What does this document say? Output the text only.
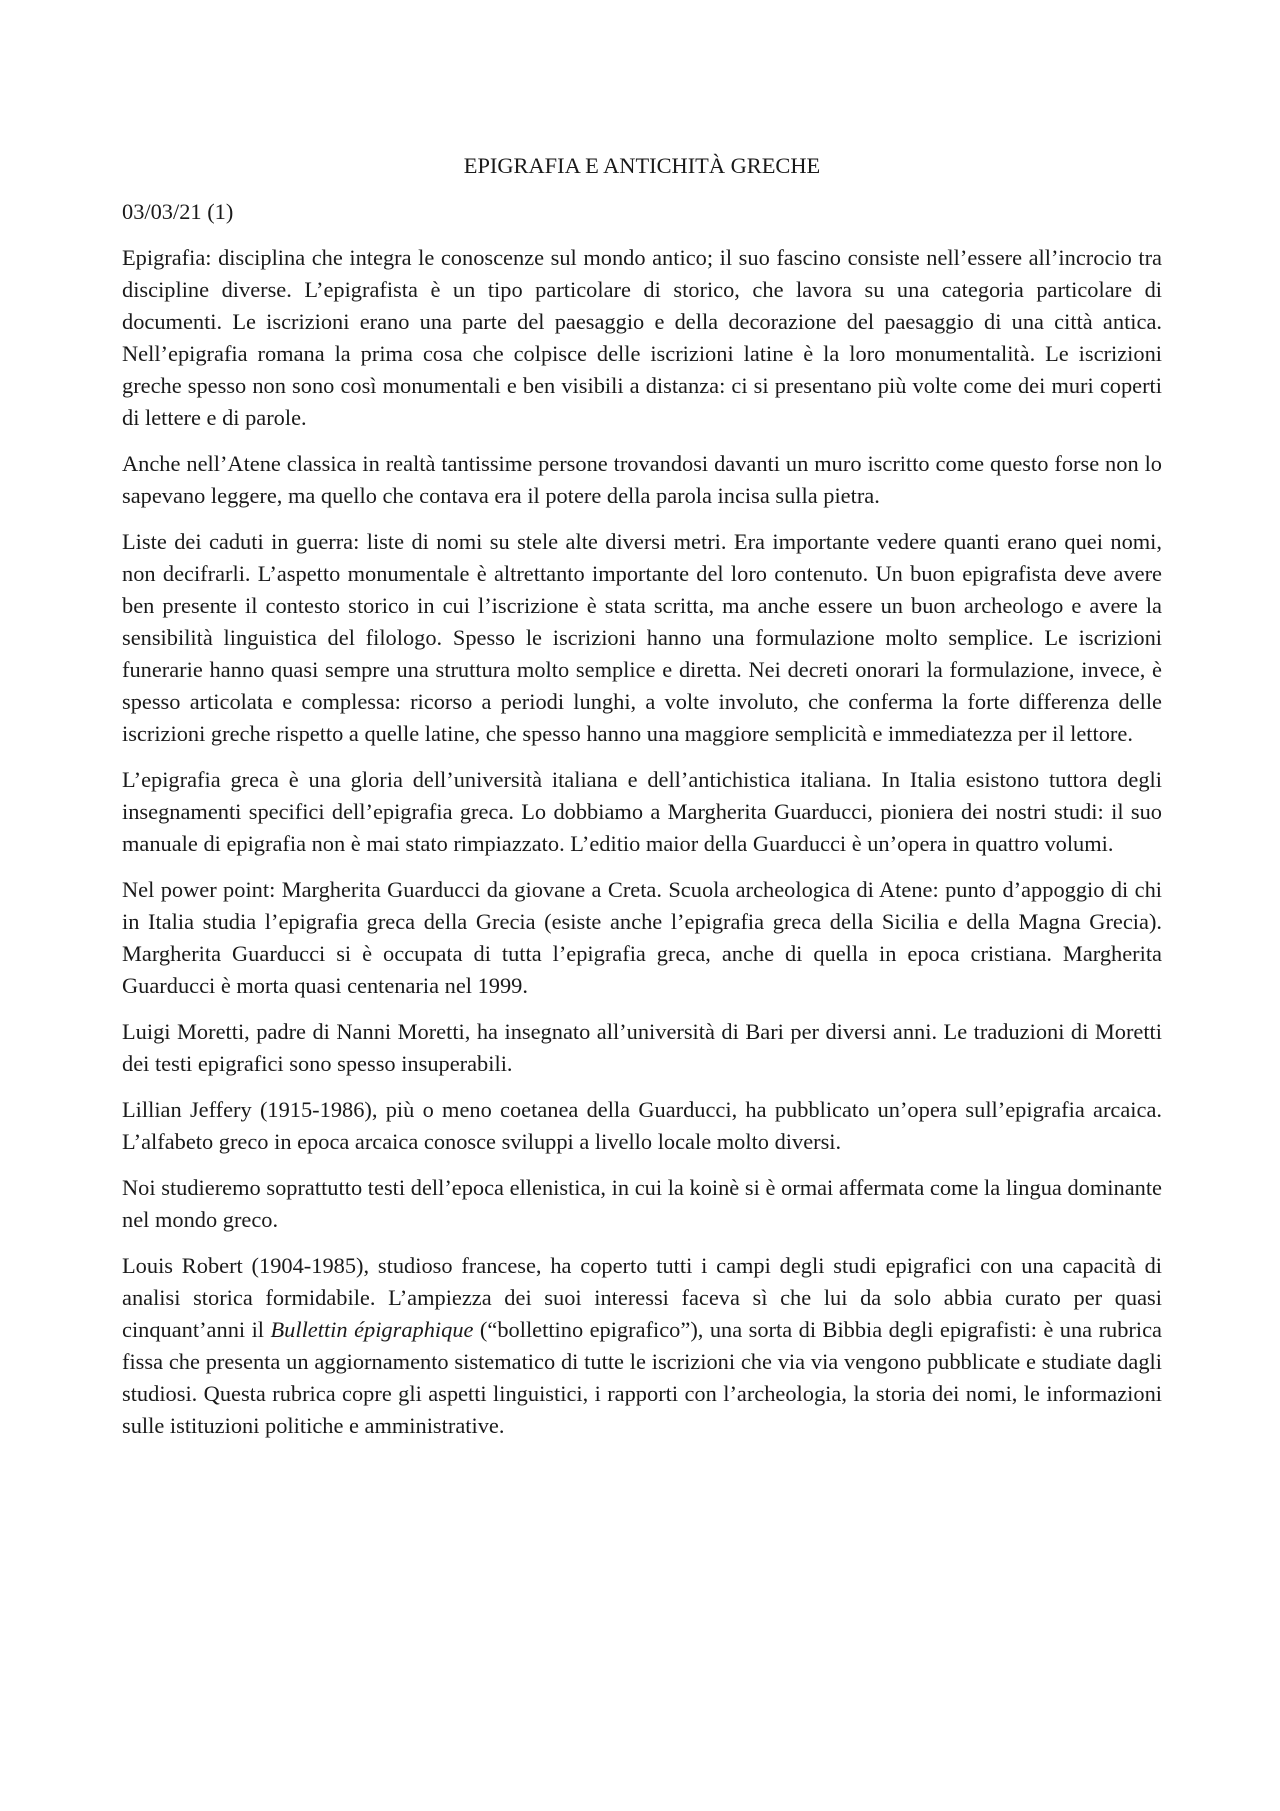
EPIGRAFIA E ANTICHITÀ GRECHE
03/03/21 (1)

Epigrafia: disciplina che integra le conoscenze sul mondo antico; il suo fascino consiste nell’essere all’incrocio tra discipline diverse. L’epigrafista è un tipo particolare di storico, che lavora su una categoria particolare di documenti. Le iscrizioni erano una parte del paesaggio e della decorazione del paesaggio di una città antica. Nell’epigrafia romana la prima cosa che colpisce delle iscrizioni latine è la loro monumentalità. Le iscrizioni greche spesso non sono così monumentali e ben visibili a distanza: ci si presentano più volte come dei muri coperti di lettere e di parole.

Anche nell’Atene classica in realtà tantissime persone trovandosi davanti un muro iscritto come questo forse non lo sapevano leggere, ma quello che contava era il potere della parola incisa sulla pietra.

Liste dei caduti in guerra: liste di nomi su stele alte diversi metri. Era importante vedere quanti erano quei nomi, non decifrarli. L’aspetto monumentale è altrettanto importante del loro contenuto. Un buon epigrafista deve avere ben presente il contesto storico in cui l’iscrizione è stata scritta, ma anche essere un buon archeologo e avere la sensibilità linguistica del filologo. Spesso le iscrizioni hanno una formulazione molto semplice. Le iscrizioni funerarie hanno quasi sempre una struttura molto semplice e diretta. Nei decreti onorari la formulazione, invece, è spesso articolata e complessa: ricorso a periodi lunghi, a volte involuto, che conferma la forte differenza delle iscrizioni greche rispetto a quelle latine, che spesso hanno una maggiore semplicità e immediatezza per il lettore.

L’epigrafia greca è una gloria dell’università italiana e dell’antichistica italiana. In Italia esistono tuttora degli insegnamenti specifici dell’epigrafia greca. Lo dobbiamo a Margherita Guarducci, pioniera dei nostri studi: il suo manuale di epigrafia non è mai stato rimpiazzato. L’editio maior della Guarducci è un’opera in quattro volumi.

Nel power point: Margherita Guarducci da giovane a Creta. Scuola archeologica di Atene: punto d’appoggio di chi in Italia studia l’epigrafia greca della Grecia (esiste anche l’epigrafia greca della Sicilia e della Magna Grecia). Margherita Guarducci si è occupata di tutta l’epigrafia greca, anche di quella in epoca cristiana. Margherita Guarducci è morta quasi centenaria nel 1999.

Luigi Moretti, padre di Nanni Moretti, ha insegnato all’università di Bari per diversi anni. Le traduzioni di Moretti dei testi epigrafici sono spesso insuperabili.

Lillian Jeffery (1915-1986), più o meno coetanea della Guarducci, ha pubblicato un’opera sull’epigrafia arcaica. L’alfabeto greco in epoca arcaica conosce sviluppi a livello locale molto diversi.

Noi studieremo soprattutto testi dell’epoca ellenistica, in cui la koinè si è ormai affermata come la lingua dominante nel mondo greco.

Louis Robert (1904-1985), studioso francese, ha coperto tutti i campi degli studi epigrafici con una capacità di analisi storica formidabile. L’ampiezza dei suoi interessi faceva sì che lui da solo abbia curato per quasi cinquant’anni il Bullettin épigraphique (“bollettino epigrafico”), una sorta di Bibbia degli epigrafisti: è una rubrica fissa che presenta un aggiornamento sistematico di tutte le iscrizioni che via via vengono pubblicate e studiate dagli studiosi. Questa rubrica copre gli aspetti linguistici, i rapporti con l’archeologia, la storia dei nomi, le informazioni sulle istituzioni politiche e amministrative.
